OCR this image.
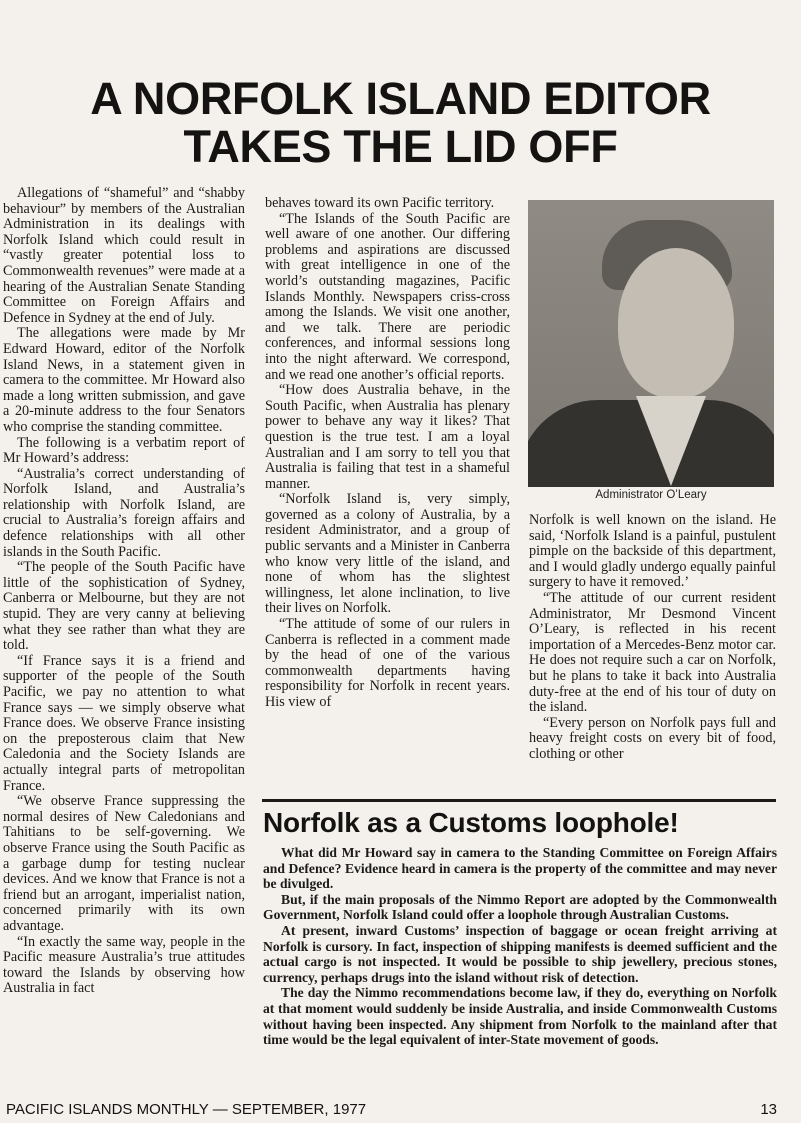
A NORFOLK ISLAND EDITOR
TAKES THE LID OFF

Allegations of “shameful” and “shabby behaviour” by members of the Australian Administration in its dealings with Norfolk Island which could result in “vastly greater potential loss to Commonwealth revenues” were made at a hearing of the Australian Senate Standing Committee on Foreign Affairs and Defence in Sydney at the end of July.

The allegations were made by Mr Edward Howard, editor of the Norfolk Island News, in a statement given in camera to the committee. Mr Howard also made a long written submission, and gave a 20-minute address to the four Senators who comprise the standing committee.

The following is a verbatim report of Mr Howard’s address:

“Australia’s correct understanding of Norfolk Island, and Australia’s relationship with Norfolk Island, are crucial to Australia’s foreign affairs and defence relationships with all other islands in the South Pacific.

“The people of the South Pacific have little of the sophistication of Sydney, Canberra or Melbourne, but they are not stupid. They are very canny at believing what they see rather than what they are told.

“If France says it is a friend and supporter of the people of the South Pacific, we pay no attention to what France says — we simply observe what France does. We observe France insisting on the preposterous claim that New Caledonia and the Society Islands are actually integral parts of metropolitan France.

“We observe France suppressing the normal desires of New Caledonians and Tahitians to be self-governing. We observe France using the South Pacific as a garbage dump for testing nuclear devices. And we know that France is not a friend but an arrogant, imperialist nation, concerned primarily with its own advantage.

“In exactly the same way, people in the Pacific measure Australia’s true attitudes toward the Islands by observing how Australia in fact

behaves toward its own Pacific territory.

“The Islands of the South Pacific are well aware of one another. Our differing problems and aspirations are discussed with great intelligence in one of the world’s outstanding magazines, Pacific Islands Monthly. Newspapers criss-cross among the Islands. We visit one another, and we talk. There are periodic conferences, and informal sessions long into the night afterward. We correspond, and we read one another’s official reports.

“How does Australia behave, in the South Pacific, when Australia has plenary power to behave any way it likes? That question is the true test. I am a loyal Australian and I am sorry to tell you that Australia is failing that test in a shameful manner.

“Norfolk Island is, very simply, governed as a colony of Australia, by a resident Administrator, and a group of public servants and a Minister in Canberra who know very little of the island, and none of whom has the slightest willingness, let alone inclination, to live their lives on Norfolk.

“The attitude of some of our rulers in Canberra is reflected in a comment made by the head of one of the various commonwealth departments having responsibility for Norfolk in recent years. His view of

Administrator O’Leary

Norfolk is well known on the island. He said, ‘Norfolk Island is a painful, pustulent pimple on the backside of this department, and I would gladly undergo equally painful surgery to have it removed.’

“The attitude of our current resident Administrator, Mr Desmond Vincent O’Leary, is reflected in his recent importation of a Mercedes-Benz motor car. He does not require such a car on Norfolk, but he plans to take it back into Australia duty-free at the end of his tour of duty on the island.

“Every person on Norfolk pays full and heavy freight costs on every bit of food, clothing or other

Norfolk as a Customs loophole!

What did Mr Howard say in camera to the Standing Committee on Foreign Affairs and Defence? Evidence heard in camera is the property of the committee and may never be divulged.

But, if the main proposals of the Nimmo Report are adopted by the Commonwealth Government, Norfolk Island could offer a loophole through Australian Customs.

At present, inward Customs’ inspection of baggage or ocean freight arriving at Norfolk is cursory. In fact, inspection of shipping manifests is deemed sufficient and the actual cargo is not inspected. It would be possible to ship jewellery, precious stones, currency, perhaps drugs into the island without risk of detection.

The day the Nimmo recommendations become law, if they do, everything on Norfolk at that moment would suddenly be inside Australia, and inside Commonwealth Customs without having been inspected. Any shipment from Norfolk to the mainland after that time would be the legal equivalent of inter-State movement of goods.

PACIFIC ISLANDS MONTHLY — SEPTEMBER, 1977	13
